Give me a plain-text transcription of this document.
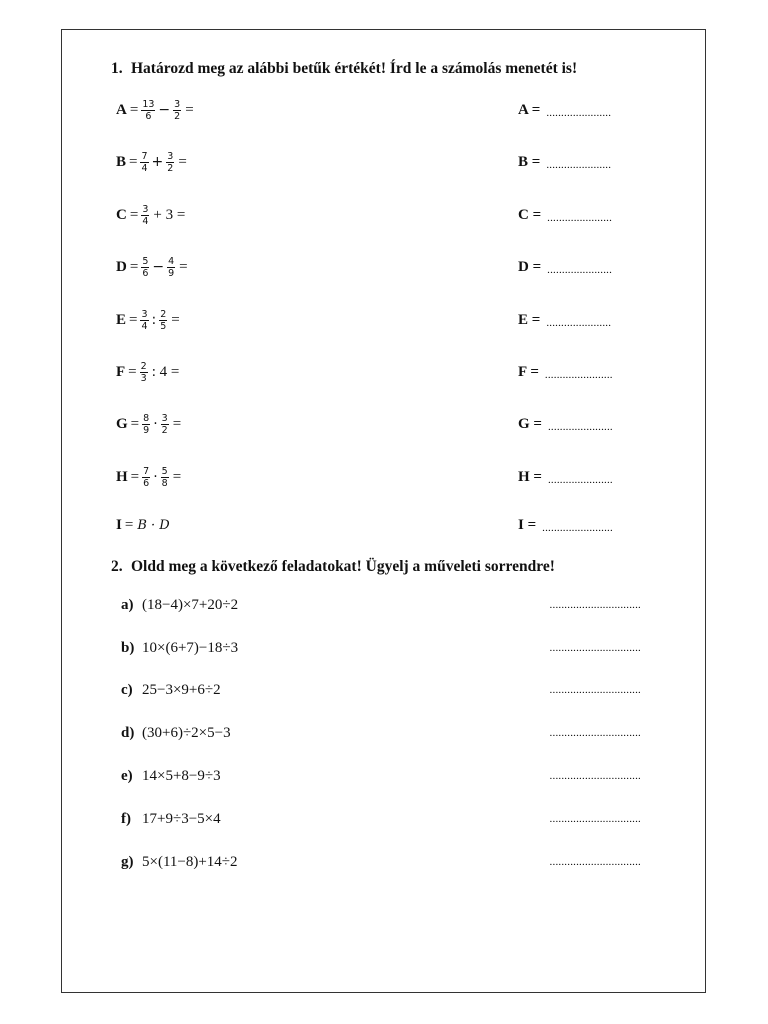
1. Határozd meg az alábbi betűk értékét! Írd le a számolás menetét is!
$A = \frac{13}{6} - \frac{3}{2}$ =	A = ......................
$B = \frac{7}{4} + \frac{3}{2}$ =	B = ......................
$C = \frac{3}{4} + 3$ =	C = ......................
$D = \frac{5}{6} - \frac{4}{9}$ =	D = ......................
$E = \frac{3}{4}$ : $\frac{2}{5}$ =	E = ......................
$F = \frac{2}{3}$ : 4 =	F = .......................
$G = \frac{8}{9} \cdot \frac{3}{2}$ =	G = ......................
$H = \frac{7}{6} \cdot \frac{5}{8}$ =	H = ......................
I = B · D	I = ........................
2. Oldd meg a következő feladatokat! Ügyelj a műveleti sorrendre!
a) (18−4)×7+20÷2	...............................
b) 10×(6+7)−18÷3	...............................
c) 25−3×9+6÷2	...............................
d) (30+6)÷2×5−3	...............................
e) 14×5+8−9÷3	...............................
f) 17+9÷3−5×4	...............................
g) 5×(11−8)+14÷2	...............................
